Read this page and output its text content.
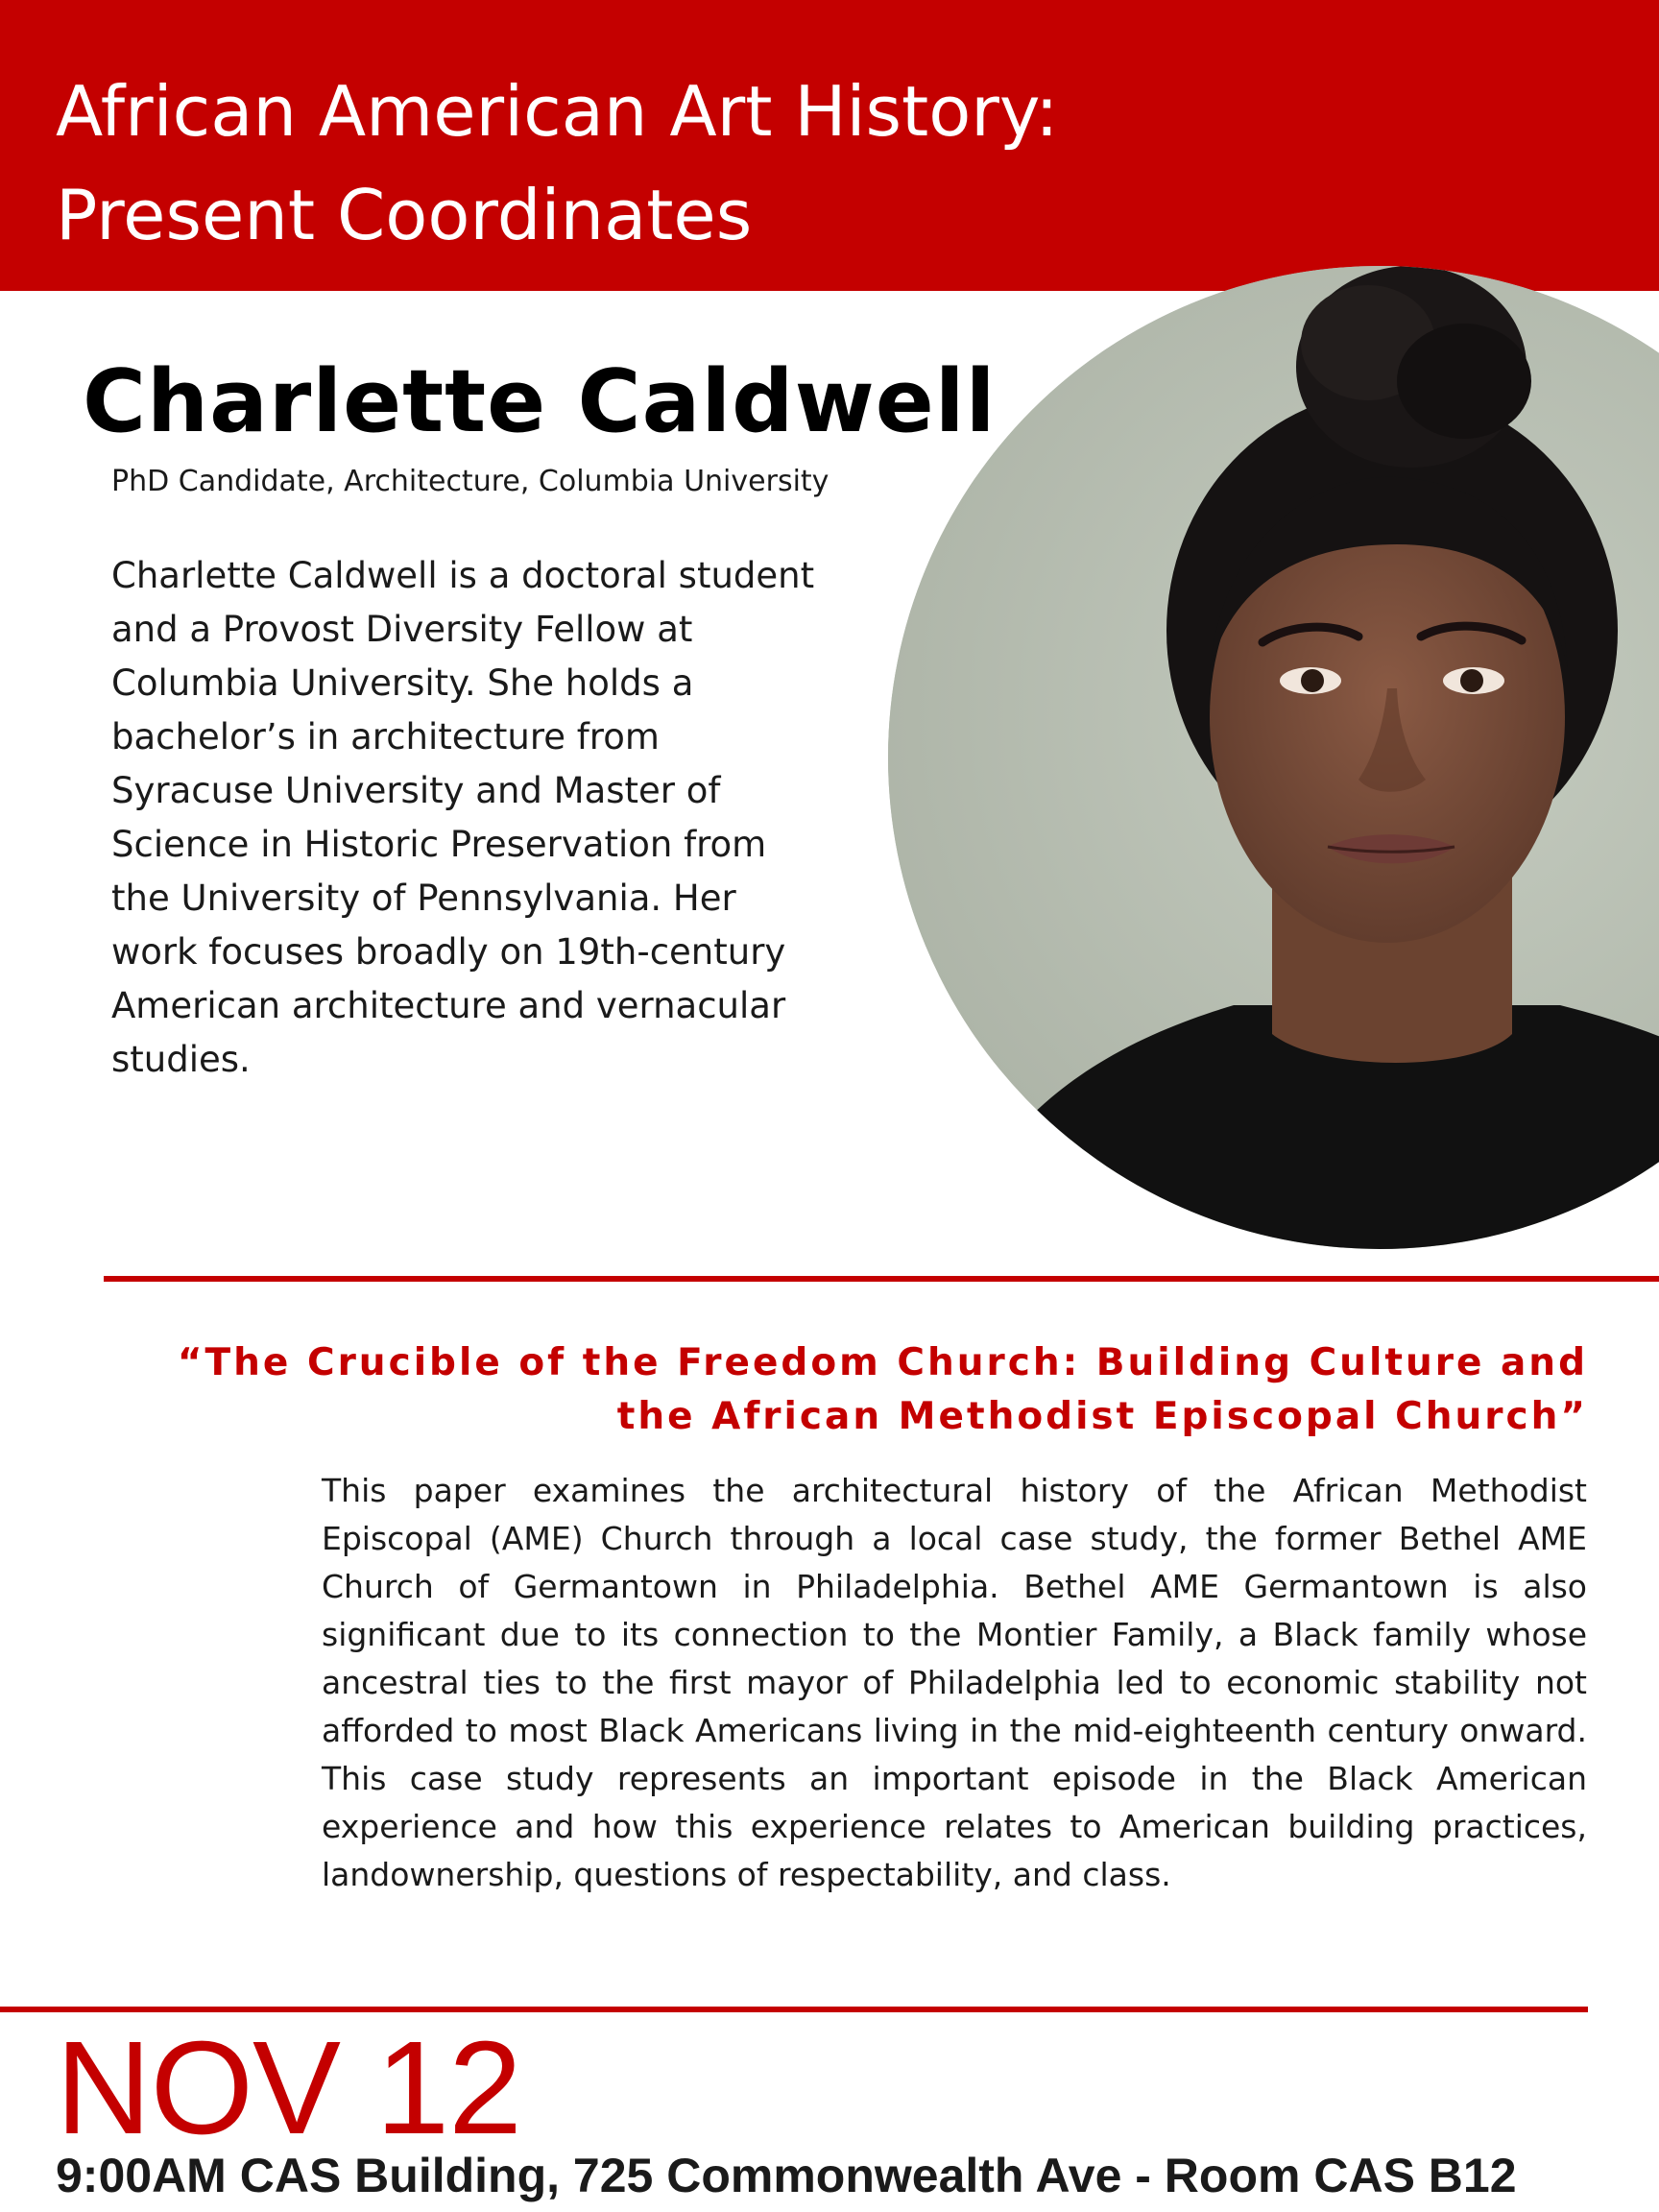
African American Art History:
Present Coordinates
Charlette Caldwell
PhD Candidate, Architecture, Columbia University

Charlette Caldwell is a doctoral student and a Provost Diversity Fellow at Columbia University. She holds a bachelor’s in architecture from Syracuse University and Master of Science in Historic Preservation from the University of Pennsylvania. Her work focuses broadly on 19th-century American architecture and vernacular studies.

“The Crucible of the Freedom Church: Building Culture and the African Methodist Episcopal Church”

This paper examines the architectural history of the African Methodist Episcopal (AME) Church through a local case study, the former Bethel AME Church of Germantown in Philadelphia. Bethel AME Germantown is also significant due to its connection to the Montier Family, a Black family whose ancestral ties to the first mayor of Philadelphia led to economic stability not afforded to most Black Americans living in the mid-eighteenth century onward. This case study represents an important episode in the Black American experience and how this experience relates to American building practices, landownership, questions of respectability, and class.

NOV 12
9:00AM CAS Building, 725 Commonwealth Ave - Room CAS B12
